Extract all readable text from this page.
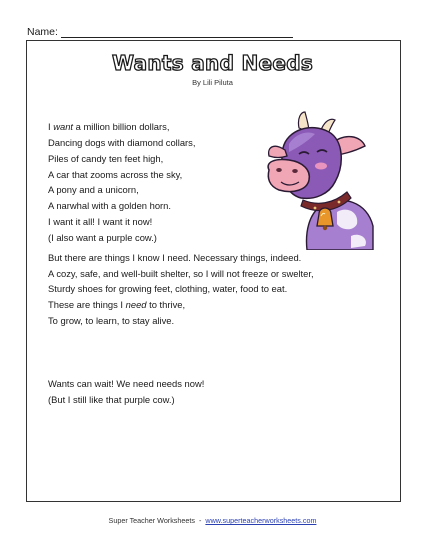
Name:
Wants and Needs
By Lili Piluta
I want a million billion dollars,
Dancing dogs with diamond collars,
Piles of candy ten feet high,
A car that zooms across the sky,
A pony and a unicorn,
A narwhal with a golden horn.
I want it all! I want it now!
(I also want a purple cow.)
But there are things I know I need. Necessary things, indeed.
A cozy, safe, and well-built shelter, so I will not freeze or swelter,
Sturdy shoes for growing feet, clothing, water, food to eat.
These are things I need to thrive,
To grow, to learn, to stay alive.
Wants can wait! We need needs now!
(But I still like that purple cow.)
Super Teacher Worksheets - www.superteacherworksheets.com
